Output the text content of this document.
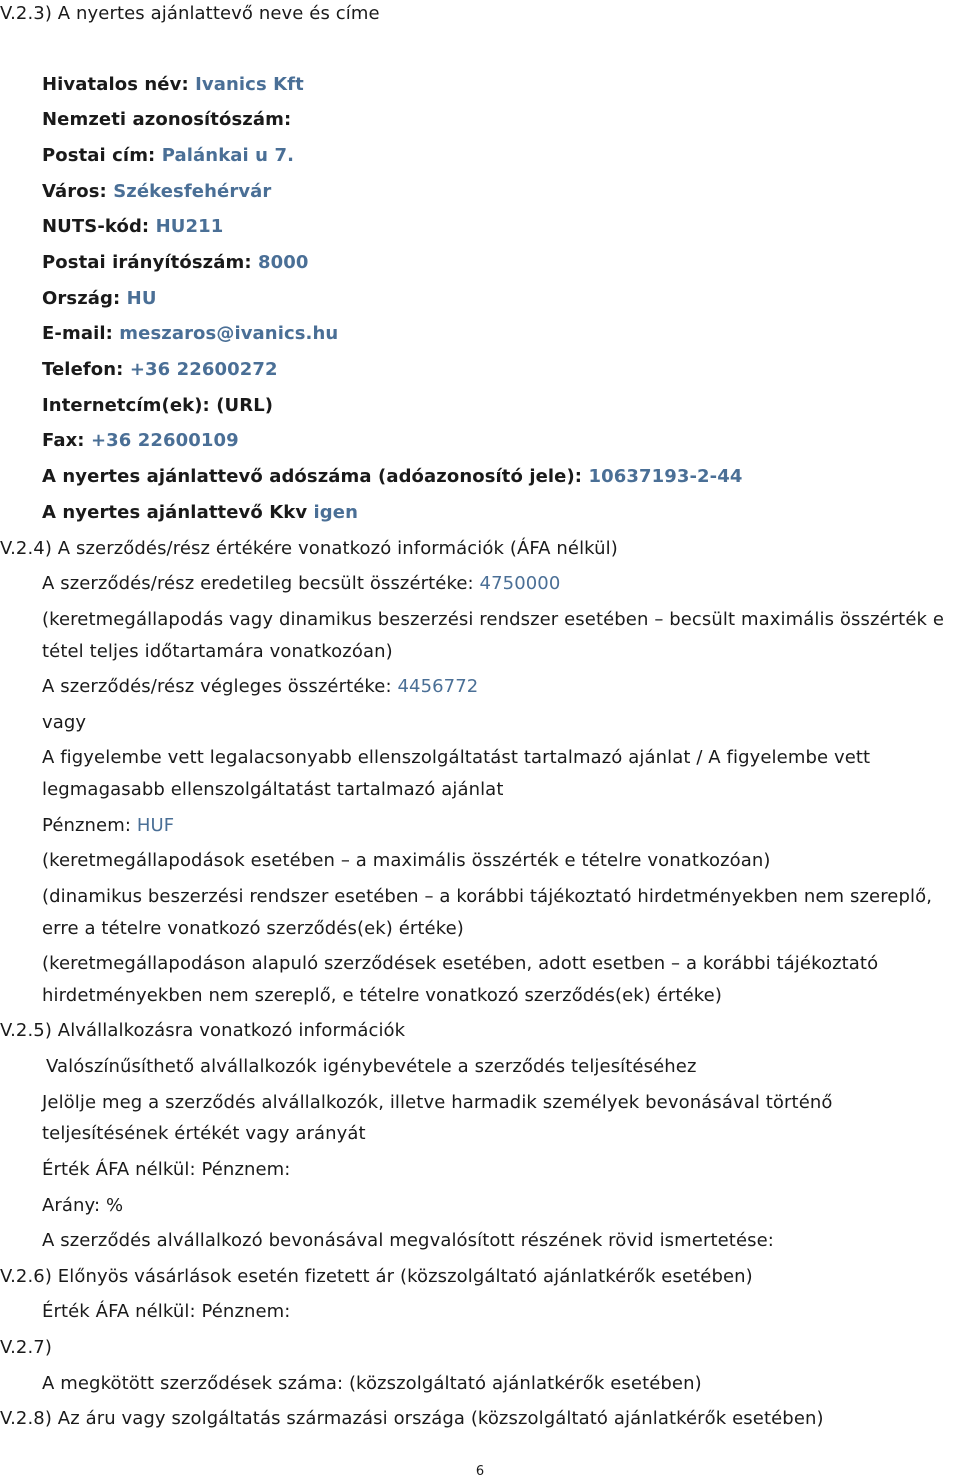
V.2.3) A nyertes ajánlattevő neve és címe
Hivatalos név: Ivanics Kft
Nemzeti azonosítószám:
Postai cím: Palánkai u 7.
Város: Székesfehérvár
NUTS-kód: HU211
Postai irányítószám: 8000
Ország: HU
E-mail: meszaros@ivanics.hu
Telefon: +36 22600272
Internetcím(ek): (URL)
Fax: +36 22600109
A nyertes ajánlattevő adószáma (adóazonosító jele): 10637193-2-44
A nyertes ajánlattevő Kkv igen
V.2.4) A szerződés/rész értékére vonatkozó információk (ÁFA nélkül)
A szerződés/rész eredetileg becsült összértéke: 4750000
(keretmegállapodás vagy dinamikus beszerzési rendszer esetében – becsült maximális összérték e
tétel teljes időtartamára vonatkozóan)
A szerződés/rész végleges összértéke: 4456772
vagy
A figyelembe vett legalacsonyabb ellenszolgáltatást tartalmazó ajánlat / A figyelembe vett
legmagasabb ellenszolgáltatást tartalmazó ajánlat
Pénznem: HUF
(keretmegállapodások esetében – a maximális összérték e tételre vonatkozóan)
(dinamikus beszerzési rendszer esetében – a korábbi tájékoztató hirdetményekben nem szereplő,
erre a tételre vonatkozó szerződés(ek) értéke)
(keretmegállapodáson alapuló szerződések esetében, adott esetben – a korábbi tájékoztató
hirdetményekben nem szereplő, e tételre vonatkozó szerződés(ek) értéke)
V.2.5) Alvállalkozásra vonatkozó információk
Valószínűsíthető alvállalkozók igénybevétele a szerződés teljesítéséhez
Jelölje meg a szerződés alvállalkozók, illetve harmadik személyek bevonásával történő
teljesítésének értékét vagy arányát
Érték ÁFA nélkül: Pénznem:
Arány: %
A szerződés alvállalkozó bevonásával megvalósított részének rövid ismertetése:
V.2.6) Előnyös vásárlások esetén fizetett ár (közszolgáltató ajánlatkérők esetében)
Érték ÁFA nélkül: Pénznem:
V.2.7)
A megkötött szerződések száma: (közszolgáltató ajánlatkérők esetében)
V.2.8) Az áru vagy szolgáltatás származási országa (közszolgáltató ajánlatkérők esetében)
6
